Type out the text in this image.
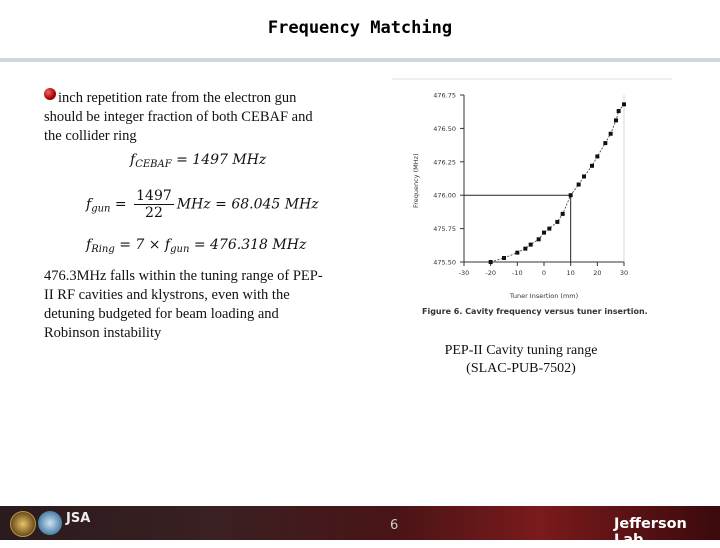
Frequency Matching
inch repetition rate from the electron gun
should be integer fraction of both CEBAF and
the collider ring
$f_{CEBAF} = 1497$ MHz
$f_{gun} = \frac{1497}{22}$ MHz = 68.045 MHz
$f_{Ring} = 7 \times f_{gun} = 476.318$ MHz
476.3MHz falls within the tuning range of PEP-
II RF cavities and klystrons, even with the
detuning budgeted for beam loading and
Robinson instability
475.50
475.75
476.00
476.25
476.50
476.75
-30 -20 -10	0	10	20	30
Frequency (MHz)
Tuner Insertion (mm)
Figure 6. Cavity frequency versus tuner insertion.
PEP-II Cavity tuning range
(SLAC-PUB-7502)
JSA	6	Jefferson Lab
